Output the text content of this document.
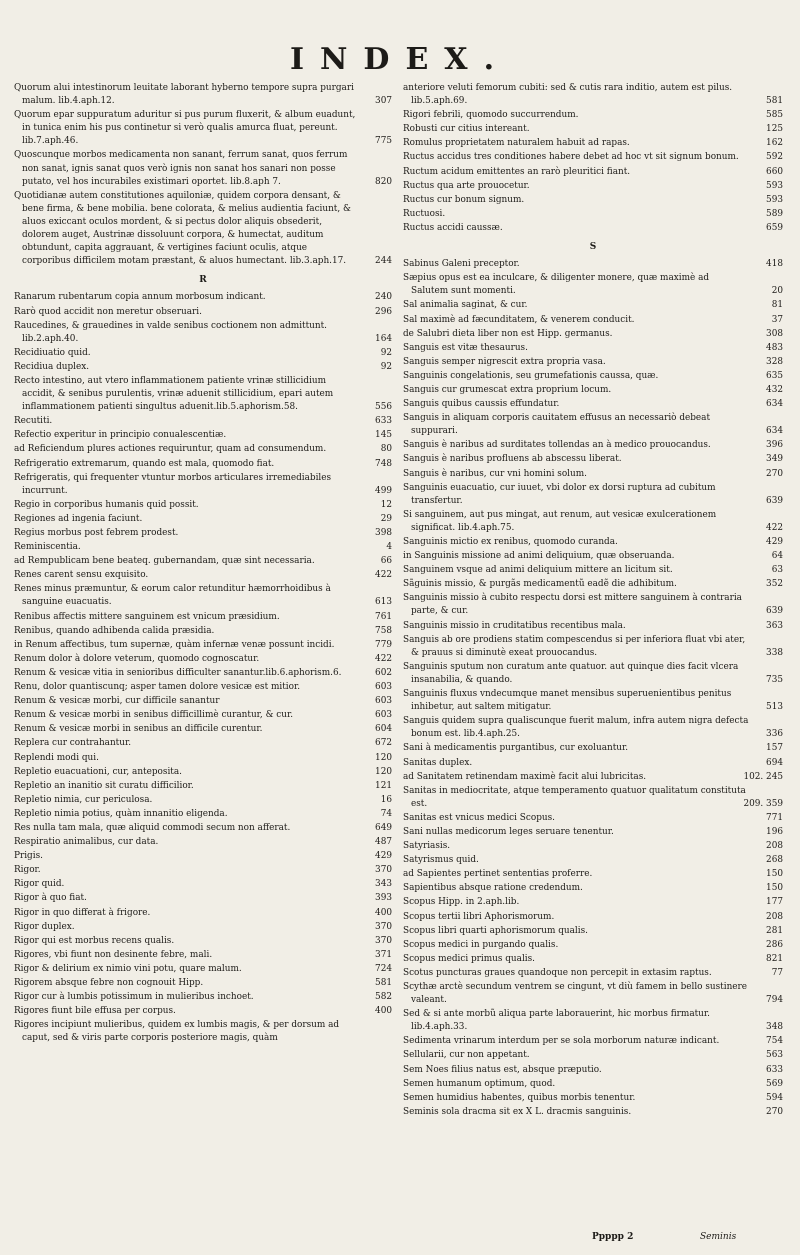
INDEX.
Quorum alui intestinorum leuitate laborant hyberno tempore supra purgari malum. lib.4.aph.12.	307
Quorum epar suppuratum aduritur si pus purum fluxerit, & album euadunt, in tunica enim his pus continetur si verò qualis amurca fluat, pereunt. lib.7.aph.46.	775
Quoscunque morbos medicamenta non sanant, ferrum sanat, quos ferrum non sanat, ignis sanat quos verò ignis non sanat hos sanari non posse putato, vel hos incurabiles existimari oportet. lib.8.aph 7.	820
Quotidianæ autem constitutiones aquiloniæ, quidem corpora densant, & bene firma, & bene mobilia. bene colorata, & melius audientia faciunt, & aluos exiccant oculos mordent, & si pectus dolor aliquis obsederit, dolorem auget, Austrinæ dissoluunt corpora, & humectat, auditum obtundunt, capita aggrauant, & vertigines faciunt oculis, atque corporibus difficilem motam præstant, & aluos humectant. lib.3.aph.17.	244
R
Ranarum rubentarum copia annum morbosum indicant.	240
Rarò quod accidit non meretur obseruari.	296
Raucedines, & grauedines in valde senibus coctionem non admittunt. lib.2.aph.40.	164
Recidiuatio quid.	92
Recidiua duplex.	92
Recto intestino, aut vtero inflammationem patiente vrinæ stillicidium accidit, & senibus purulentis, vrinæ aduenit stillicidium, epari autem inflammationem patienti singultus aduenit.lib.5.aphorism.58.	556
Recutiti.	633
Refectio experitur in principio conualescentiæ.	145
ad Reficiendum plures actiones requiruntur, quam ad consumendum.	80
Refrigeratio extremarum, quando est mala, quomodo fiat.	748
Refrigeratis, qui frequenter vtuntur morbos articulares irremediabiles incurrunt.	499
Regio in corporibus humanis quid possit.	12
Regiones ad ingenia faciunt.	29
Regius morbus post febrem prodest.	398
Reminiscentia.	4
ad Rempublicam bene beateq. gubernandam, quæ sint necessaria.	66
Renes carent sensu exquisito.	422
Renes minus præmuntur, & eorum calor retunditur hæmorrhoidibus à sanguine euacuatis.	613
Renibus affectis mittere sanguinem est vnicum præsidium.	761
Renibus, quando adhibenda calida præsidia.	758
in Renum affectibus, tum supernæ, quàm infernæ venæ possunt incidi.	779
Renum dolor à dolore veterum, quomodo cognoscatur.	422
Renum & vesicæ vitia in senioribus difficulter sanantur.lib.6.aphorism.6.	602
Renu, dolor quantiscunq; asper tamen dolore vesicæ est mitior.	603
Renum & vesicæ morbi, cur difficile sanantur	603
Renum & vesicæ morbi in senibus difficillimè curantur, & cur.	603
Renum & vesicæ morbi in senibus an difficile curentur.	604
Replera cur contrahantur.	672
Replendi modi qui.	120
Repletio euacuationi, cur, anteposita.	120
Repletio an inanitio sit curatu difficilior.	121
Repletio nimia, cur periculosa.	16
Repletio nimia potius, quàm innanitio eligenda.	74
Res nulla tam mala, quæ aliquid commodi secum non afferat.	649
Respiratio animalibus, cur data.	487
Prigis.	429
Rigor.	370
Rigor quid.	343
Rigor à quo fiat.	393
Rigor in quo differat à frigore.	400
Rigor duplex.	370
Rigor qui est morbus recens qualis.	370
Rigores, vbi fiunt non desinente febre, mali.	371
Rigor & delirium ex nimio vini potu, quare malum.	724
Rigorem absque febre non cognouit Hipp.	581
Rigor cur à lumbis potissimum in mulieribus inchoet.	582
Rigores fiunt bile effusa per corpus.	400
Rigores incipiunt mulieribus, quidem ex lumbis magis, & per dorsum ad caput, sed & viris parte corporis posteriore magis, quàm
anteriore veluti femorum cubiti: sed & cutis rara inditio, autem est pilus. lib.5.aph.69.	581
Rigori febrili, quomodo succurrendum.	585
Robusti cur citius intereant.	125
Romulus proprietatem naturalem habuit ad rapas.	162
Ructus accidus tres conditiones habere debet ad hoc vt sit signum bonum.	592
Ructum acidum emittentes an rarò pleuritici fiant.	660
Ructus qua arte prouocetur.	593
Ructus cur bonum signum.	593
Ructuosi.	589
Ructus accidi caussæ.	659
S
Sabinus Galeni preceptor.	418
Sæpius opus est ea inculcare, & diligenter monere, quæ maximè ad Salutem sunt momenti.	20
Sal animalia saginat, & cur.	81
Sal maximè ad fæcunditatem, & venerem conducit.	37
de Salubri dieta liber non est Hipp. germanus.	308
Sanguis est vitæ thesaurus.	483
Sanguis semper nigrescit extra propria vasa.	328
Sanguinis congelationis, seu grumefationis caussa, quæ.	635
Sanguis cur grumescat extra proprium locum.	432
Sanguis quibus caussis effundatur.	634
Sanguis in aliquam corporis cauitatem effusus an necessariò debeat suppurari.	634
Sanguis è naribus ad surditates tollendas an à medico prouocandus.	396
Sanguis è naribus profluens ab abscessu liberat.	349
Sanguis è naribus, cur vni homini solum.	270
Sanguinis euacuatio, cur iuuet, vbi dolor ex dorsi ruptura ad cubitum transfertur.	639
Si sanguinem, aut pus mingat, aut renum, aut vesicæ exulcerationem significat. lib.4.aph.75.	422
Sanguinis mictio ex renibus, quomodo curanda.	429
in Sanguinis missione ad animi deliquium, quæ obseruanda.	64
Sanguinem vsque ad animi deliquium mittere an licitum sit.	63
Sãguinis missio, & purgãs medicamentũ eadẽ die adhibitum.	352
Sanguinis missio à cubito respectu dorsi est mittere sanguinem à contraria parte, & cur.	639
Sanguinis missio in cruditatibus recentibus mala.	363
Sanguis ab ore prodiens statim compescendus si per inferiora fluat vbi ater, & prauus si diminutè exeat prouocandus.	338
Sanguinis sputum non curatum ante quatuor. aut quinque dies facit vlcera insanabilia, & quando.	735
Sanguinis fluxus vndecumque manet mensibus superuenientibus penitus inhibetur, aut saltem mitigatur.	513
Sanguis quidem supra qualiscunque fuerit malum, infra autem nigra defecta bonum est. lib.4.aph.25.	336
Sani à medicamentis purgantibus, cur exoluantur.	157
Sanitas duplex.	694
ad Sanitatem retinendam maximè facit alui lubricitas.	102. 245
Sanitas in mediocritate, atque temperamento quatuor qualitatum constituta est.	209. 359
Sanitas est vnicus medici Scopus.	771
Sani nullas medicorum leges seruare tenentur.	196
Satyriasis.	208
Satyrismus quid.	268
ad Sapientes pertinet sententias proferre.	150
Sapientibus absque ratione credendum.	150
Scopus Hipp. in 2.aph.lib.	177
Scopus tertii libri Aphorismorum.	208
Scopus libri quarti aphorismorum qualis.	281
Scopus medici in purgando qualis.	286
Scopus medici primus qualis.	821
Scotus puncturas graues quandoque non percepit in extasim raptus.	77
Scythæ arctè secundum ventrem se cingunt, vt diù famem in bello sustinere valeant.	794
Sed & si ante morbũ aliqua parte laborauerint, hic morbus firmatur. lib.4.aph.33.	348
Sedimenta vrinarum interdum per se sola morborum naturæ indicant.	754
Sellularii, cur non appetant.	563
Sem Noes filius natus est, absque præputio.	633
Semen humanum optimum, quod.	569
Semen humidius habentes, quibus morbis tenentur.	594
Seminis sola dracma sit ex X L. dracmis sanguinis.	270
Ppppp 2	Seminis
